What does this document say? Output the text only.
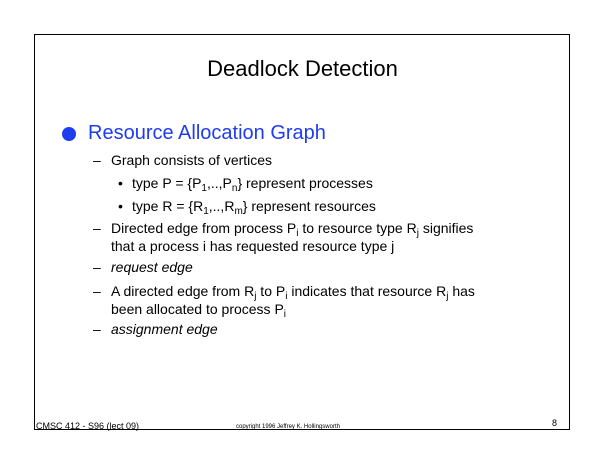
Deadlock Detection
Resource Allocation Graph
– Graph consists of vertices
• type $P = \{P_1,..,P_n\}$ represent processes
• type $R = \{R_1,..,R_m\}$ represent resources
– Directed edge from process $P_i$ to resource type $R_j$ signifies
that a process i has requested resource type j
– request edge
– A directed edge from $R_j$ to $P_i$ indicates that resource $R_j$ has
been allocated to process $P_i$
– assignment edge
CMSC 412 - S96 (lect 09)	copyright 1996 Jeffrey K. Hollingsworth	8
